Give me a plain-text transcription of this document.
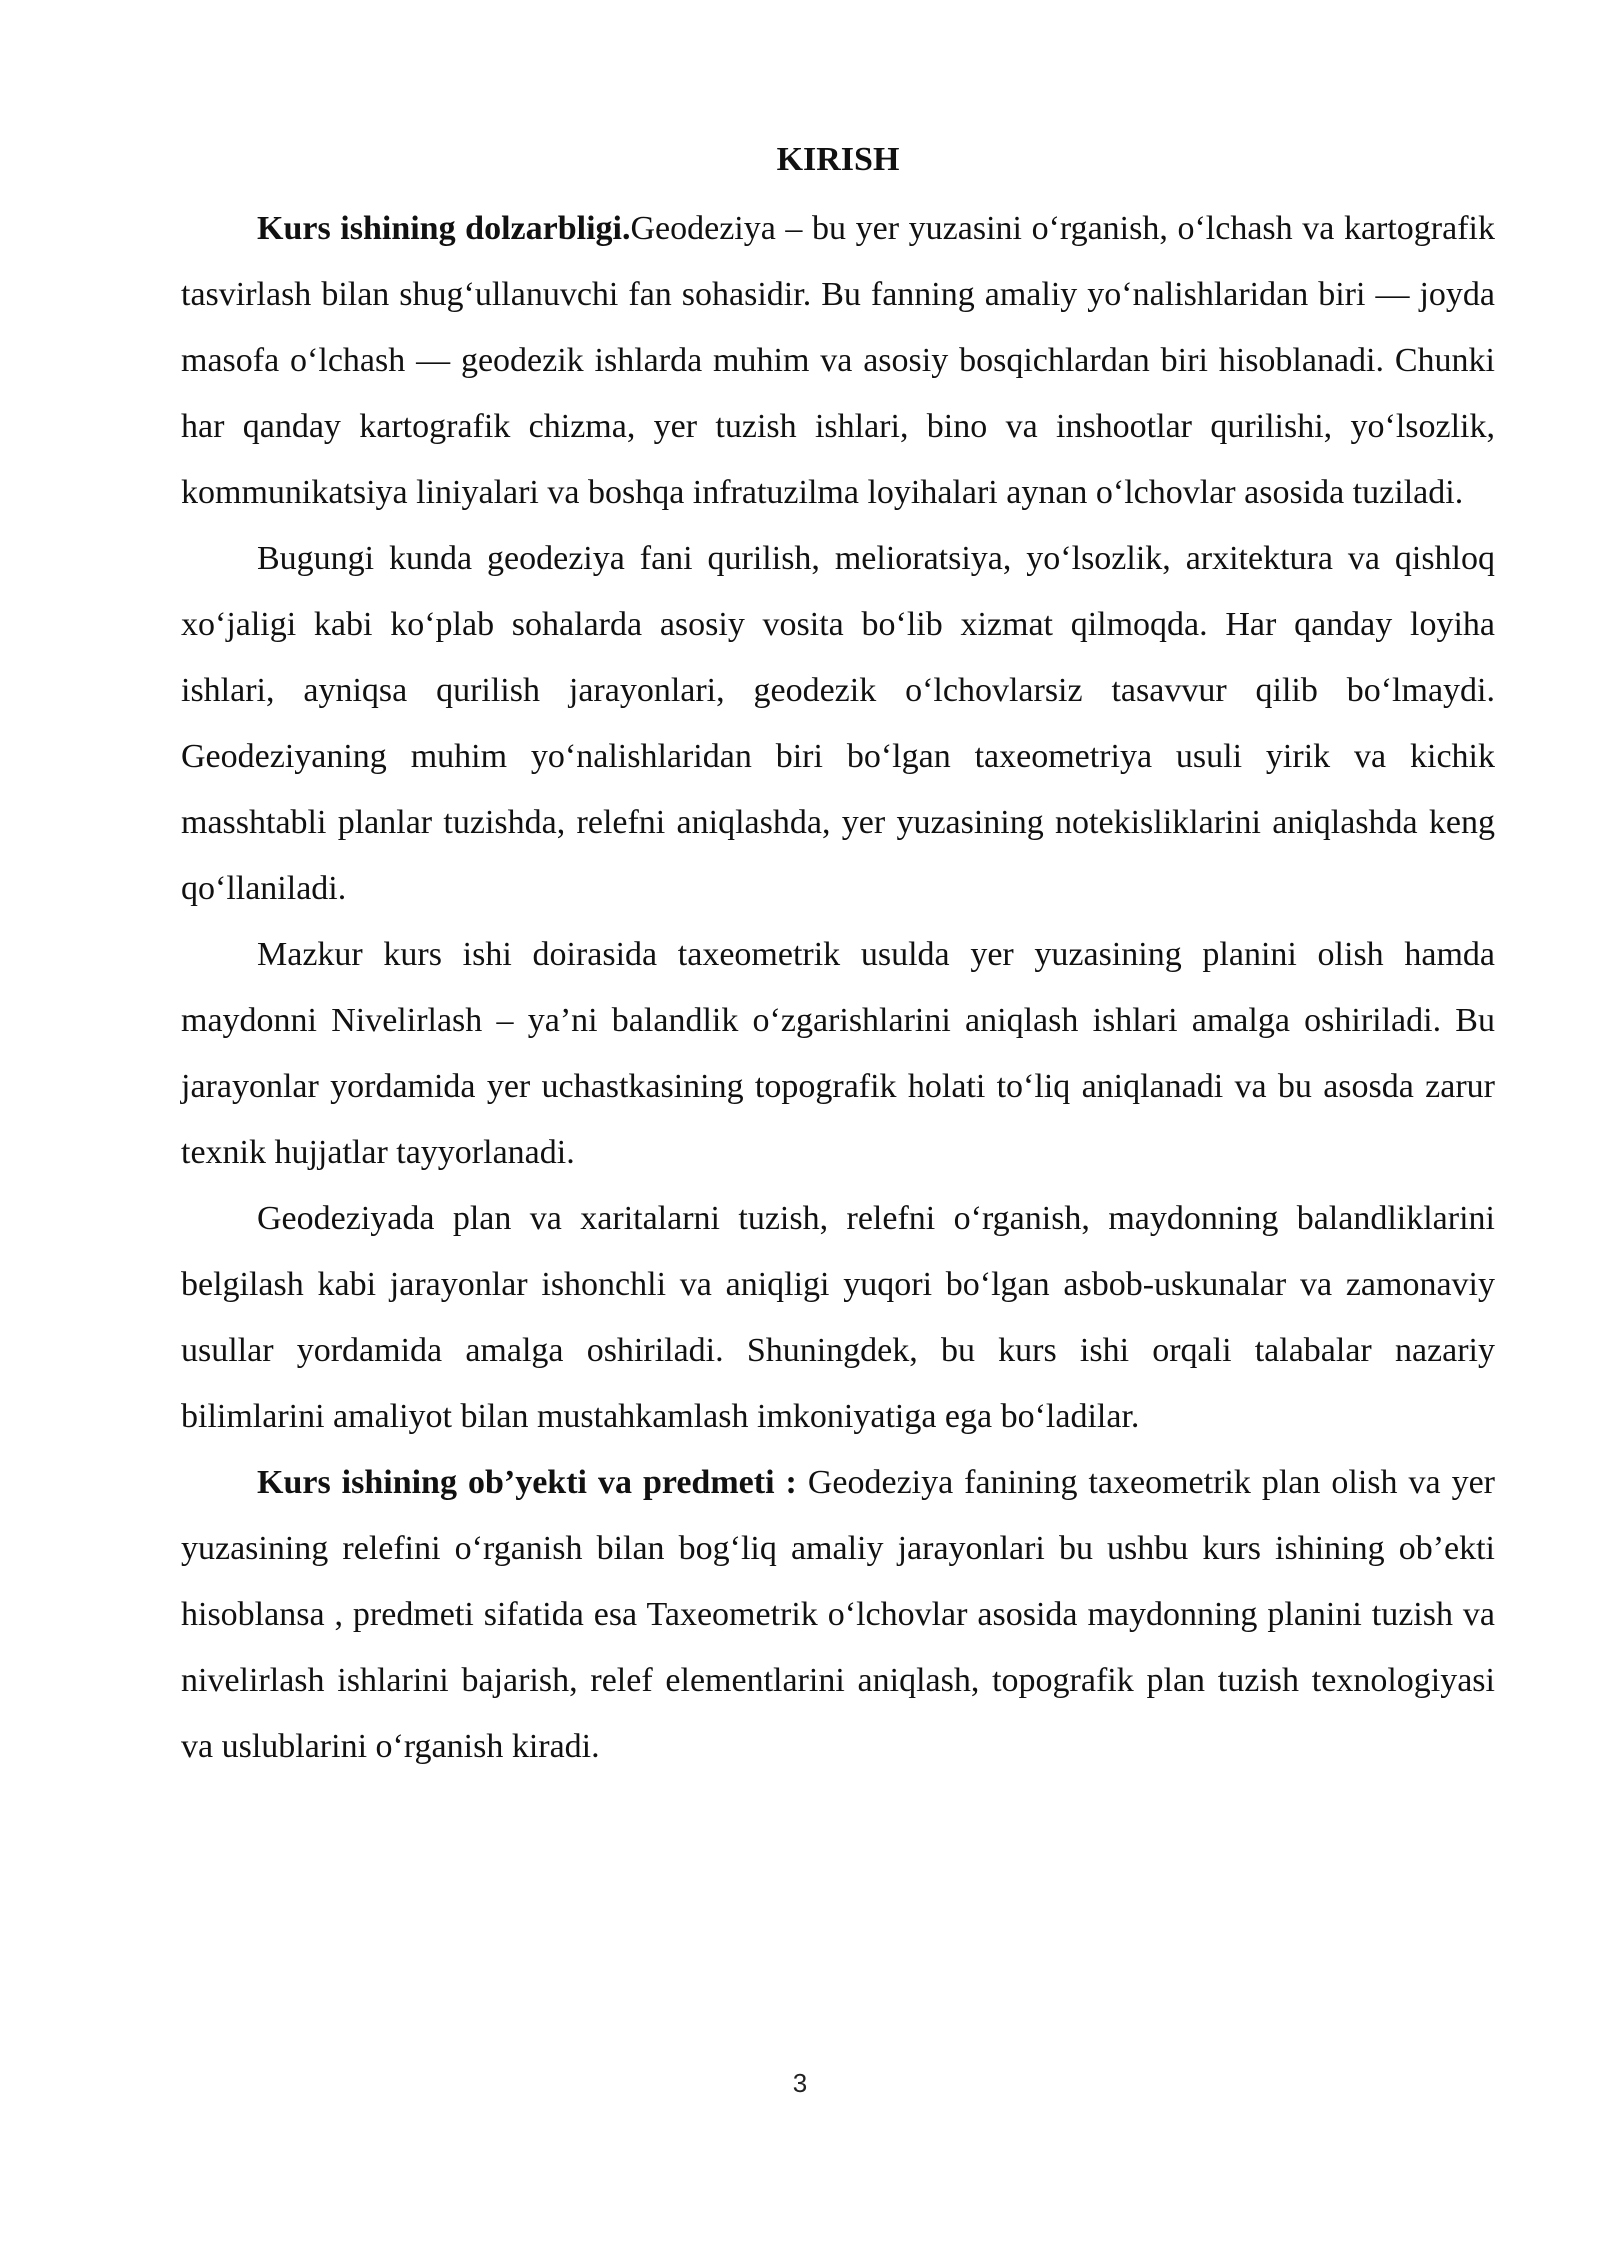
KIRISH

Kurs ishining dolzarbligi.Geodeziya – bu yer yuzasini o‘rganish, o‘lchash va kartografik tasvirlash bilan shug‘ullanuvchi fan sohasidir. Bu fanning amaliy yo‘nalishlaridan biri — joyda masofa o‘lchash — geodezik ishlarda muhim va asosiy bosqichlardan biri hisoblanadi. Chunki har qanday kartografik chizma, yer tuzish ishlari, bino va inshootlar qurilishi, yo‘lsozlik, kommunikatsiya liniyalari va boshqa infratuzilma loyihalari aynan o‘lchovlar asosida tuziladi.

Bugungi kunda geodeziya fani qurilish, melioratsiya, yo‘lsozlik, arxitektura va qishloq xo‘jaligi kabi ko‘plab sohalarda asosiy vosita bo‘lib xizmat qilmoqda. Har qanday loyiha ishlari, ayniqsa qurilish jarayonlari, geodezik o‘lchovlarsiz tasavvur qilib bo‘lmaydi. Geodeziyaning muhim yo‘nalishlaridan biri bo‘lgan taxeometriya usuli yirik va kichik masshtabli planlar tuzishda, relefni aniqlashda, yer yuzasining notekisliklarini aniqlashda keng qo‘llaniladi.

Mazkur kurs ishi doirasida taxeometrik usulda yer yuzasining planini olish hamda maydonni Nivelirlash – ya’ni balandlik o‘zgarishlarini aniqlash ishlari amalga oshiriladi. Bu jarayonlar yordamida yer uchastkasining topografik holati to‘liq aniqlanadi va bu asosda zarur texnik hujjatlar tayyorlanadi.

Geodeziyada plan va xaritalarni tuzish, relefni o‘rganish, maydonning balandliklarini belgilash kabi jarayonlar ishonchli va aniqligi yuqori bo‘lgan asbob-uskunalar va zamonaviy usullar yordamida amalga oshiriladi. Shuningdek, bu kurs ishi orqali talabalar nazariy bilimlarini amaliyot bilan mustahkamlash imkoniyatiga ega bo‘ladilar.

Kurs ishining ob’yekti va predmeti : Geodeziya fanining taxeometrik plan olish va yer yuzasining relefini o‘rganish bilan bog‘liq amaliy jarayonlari bu ushbu kurs ishining ob’ekti hisoblansa , predmeti sifatida esa Taxeometrik o‘lchovlar asosida maydonning planini tuzish va nivelirlash ishlarini bajarish, relef elementlarini aniqlash, topografik plan tuzish texnologiyasi va uslublarini o‘rganish kiradi.

3
